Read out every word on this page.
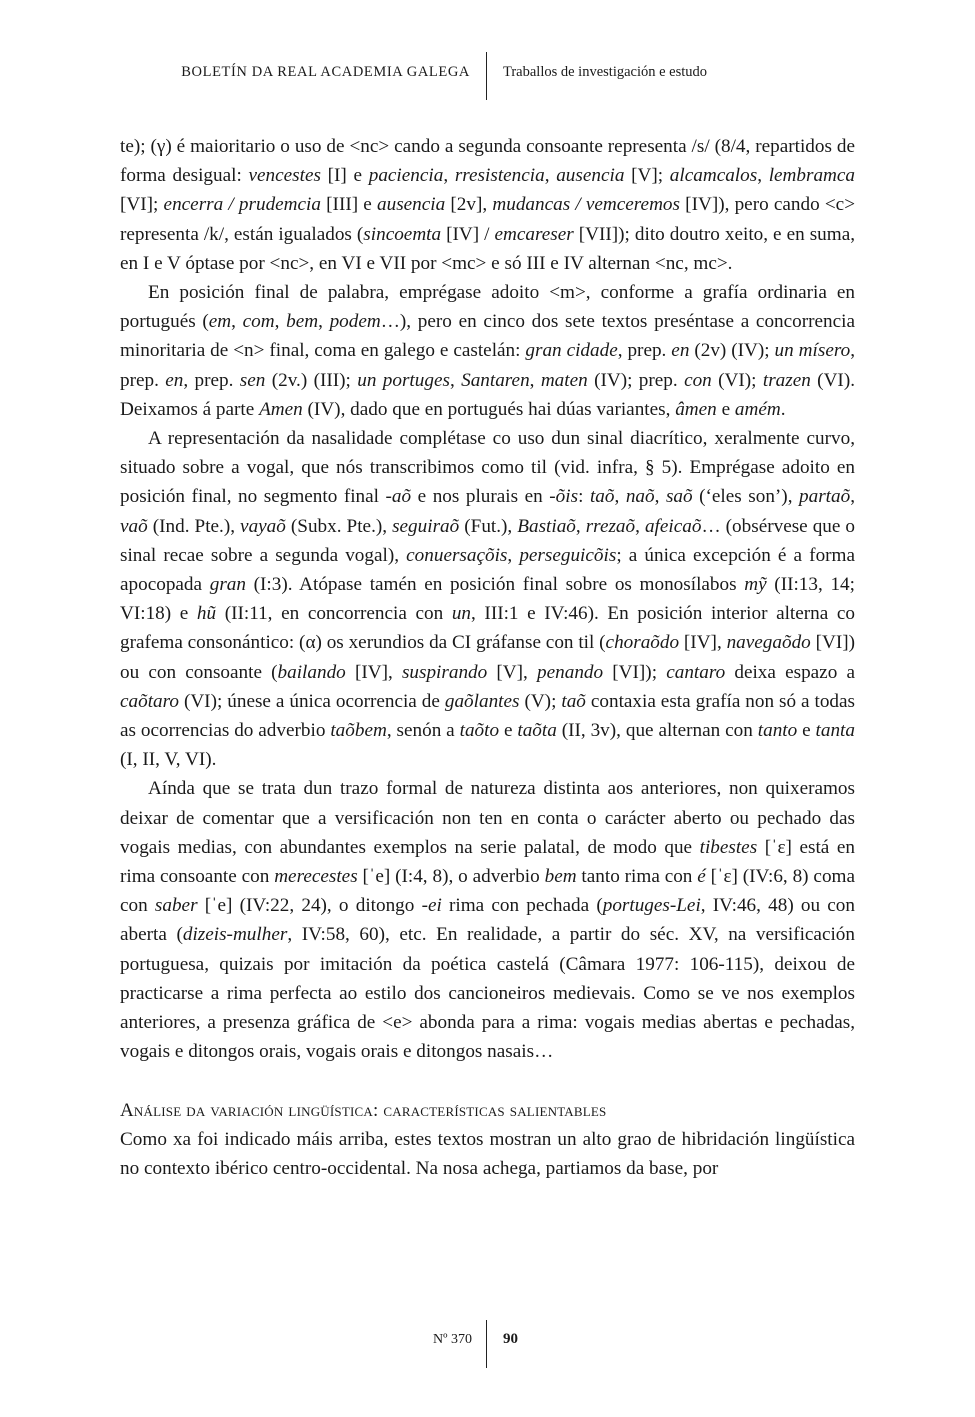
BOLETÍN DA REAL ACADEMIA GALEGA Traballos de investigación e estudo

te); (γ) é maioritario o uso de <nc> cando a segunda consoante representa /s/ (8/4, repartidos de forma desigual: vencestes [I] e paciencia, rresistencia, ausencia [V]; alcamcalos, lembramca [VI]; encerra / prudemcia [III] e ausencia [2v], mudancas / vemceremos [IV]), pero cando <c> representa /k/, están igualados (sincoemta [IV] / emcareser [VII]); dito doutro xeito, e en suma, en I e V óptase por <nc>, en VI e VII por <mc> e só III e IV alternan <nc, mc>.

En posición final de palabra, emprégase adoito <m>, conforme a grafía ordinaria en portugués (em, com, bem, podem…), pero en cinco dos sete textos preséntase a concorrencia minoritaria de <n> final, coma en galego e castelán: gran cidade, prep. en (2v) (IV); un mísero, prep. en, prep. sen (2v.) (III); un portuges, Santaren, maten (IV); prep. con (VI); trazen (VI). Deixamos á parte Amen (IV), dado que en portugués hai dúas variantes, âmen e amém.

A representación da nasalidade complétase co uso dun sinal diacrítico, xeralmente curvo, situado sobre a vogal, que nós transcribimos como til (vid. infra, § 5). Emprégase adoito en posición final, no segmento final -aõ e nos plurais en -õis: taõ, naõ, saõ (‘eles son’), partaõ, vaõ (Ind. Pte.), vayaõ (Subx. Pte.), seguiraõ (Fut.), Bastiaõ, rrezaõ, afeicaõ… (obsérvese que o sinal recae sobre a segunda vogal), conuersaçõis, perseguicõis; a única excepción é a forma apocopada gran (I:3). Atópase tamén en posición final sobre os monosílabos mỹ (II:13, 14; VI:18) e hũ (II:11, en concorrencia con un, III:1 e IV:46). En posición interior alterna co grafema consonántico: (α) os xerundios da CI gráfanse con til (choraõdo [IV], navegaõdo [VI]) ou con consoante (bailando [IV], suspirando [V], penando [VI]); cantaro deixa espazo a caõtaro (VI); únese a única ocorrencia de gaõlantes (V); taõ contaxia esta grafía non só a todas as ocorrencias do adverbio taõbem, senón a taõto e taõta (II, 3v), que alternan con tanto e tanta (I, II, V, VI).

Aínda que se trata dun trazo formal de natureza distinta aos anteriores, non quixeramos deixar de comentar que a versificación non ten en conta o carácter aberto ou pechado das vogais medias, con abundantes exemplos na serie palatal, de modo que tibestes [ˈɛ] está en rima consoante con merecestes [ˈe] (I:4, 8), o adverbio bem tanto rima con é [ˈɛ] (IV:6, 8) coma con saber [ˈe] (IV:22, 24), o ditongo -ei rima con pechada (portuges-Lei, IV:46, 48) ou con aberta (dizeis-mulher, IV:58, 60), etc. En realidade, a partir do séc. XV, na versificación portuguesa, quizais por imitación da poética castelá (Câmara 1977: 106-115), deixou de practicarse a rima perfecta ao estilo dos cancioneiros medievais. Como se ve nos exemplos anteriores, a presenza gráfica de <e> abonda para a rima: vogais medias abertas e pechadas, vogais e ditongos orais, vogais orais e ditongos nasais…

Análise da variación lingüística: características salientables

Como xa foi indicado máis arriba, estes textos mostran un alto grao de hibridación lingüística no contexto ibérico centro-occidental. Na nosa achega, partiamos da base, por

Nº 370 90
